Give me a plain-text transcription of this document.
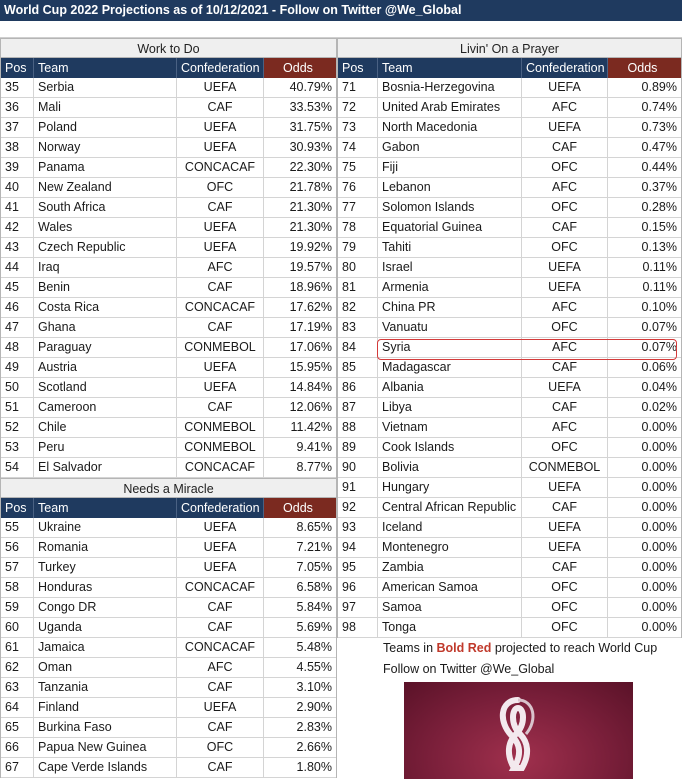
World Cup 2022 Projections as of 10/12/2021 - Follow on Twitter @We_Global
Work to Do
Pos Team	Confederation	Odds
35	Serbia	UEFA	40.79%
36	Mali	CAF	33.53%
37	Poland	UEFA	31.75%
38	Norway	UEFA	30.93%
39	Panama	CONCACAF	22.30%
40	New Zealand	OFC	21.78%
41	South Africa	CAF	21.30%
42	Wales	UEFA	21.30%
43	Czech Republic	UEFA	19.92%
44	Iraq	AFC	19.57%
45	Benin	CAF	18.96%
46	Costa Rica	CONCACAF	17.62%
47	Ghana	CAF	17.19%
48	Paraguay	CONMEBOL	17.06%
49	Austria	UEFA	15.95%
50	Scotland	UEFA	14.84%
51	Cameroon	CAF	12.06%
52	Chile	CONMEBOL	11.42%
53	Peru	CONMEBOL	9.41%
54	El Salvador	CONCACAF	8.77%
Needs a Miracle
Pos Team	Confederation	Odds
55	Ukraine	UEFA	8.65%
56	Romania	UEFA	7.21%
57	Turkey	UEFA	7.05%
58	Honduras	CONCACAF	6.58%
59	Congo DR	CAF	5.84%
60	Uganda	CAF	5.69%
61	Jamaica	CONCACAF	5.48%
62	Oman	AFC	4.55%
63	Tanzania	CAF	3.10%
64	Finland	UEFA	2.90%
65	Burkina Faso	CAF	2.83%
66	Papua New Guinea	OFC	2.66%
67	Cape Verde Islands	CAF	1.80%
Livin' On a Prayer
Pos	Team	Confederation	Odds
71	Bosnia-Herzegovina	UEFA	0.89%
72	United Arab Emirates	AFC	0.74%
73	North Macedonia	UEFA	0.73%
74	Gabon	CAF	0.47%
75	Fiji	OFC	0.44%
76	Lebanon	AFC	0.37%
77	Solomon Islands	OFC	0.28%
78	Equatorial Guinea	CAF	0.15%
79	Tahiti	OFC	0.13%
80	Israel	UEFA	0.11%
81	Armenia	UEFA	0.11%
82	China PR	AFC	0.10%
83	Vanuatu	OFC	0.07%
84	Syria	AFC	0.07%
85	Madagascar	CAF	0.06%
86	Albania	UEFA	0.04%
87	Libya	CAF	0.02%
88	Vietnam	AFC	0.00%
89	Cook Islands	OFC	0.00%
90	Bolivia	CONMEBOL	0.00%
91	Hungary	UEFA	0.00%
92	Central African Republic	CAF	0.00%
93	Iceland	UEFA	0.00%
94	Montenegro	UEFA	0.00%
95	Zambia	CAF	0.00%
96	American Samoa	OFC	0.00%
97	Samoa	OFC	0.00%
98	Tonga	OFC	0.00%
Teams in Bold Red projected to reach World Cup
Follow on Twitter @We_Global
